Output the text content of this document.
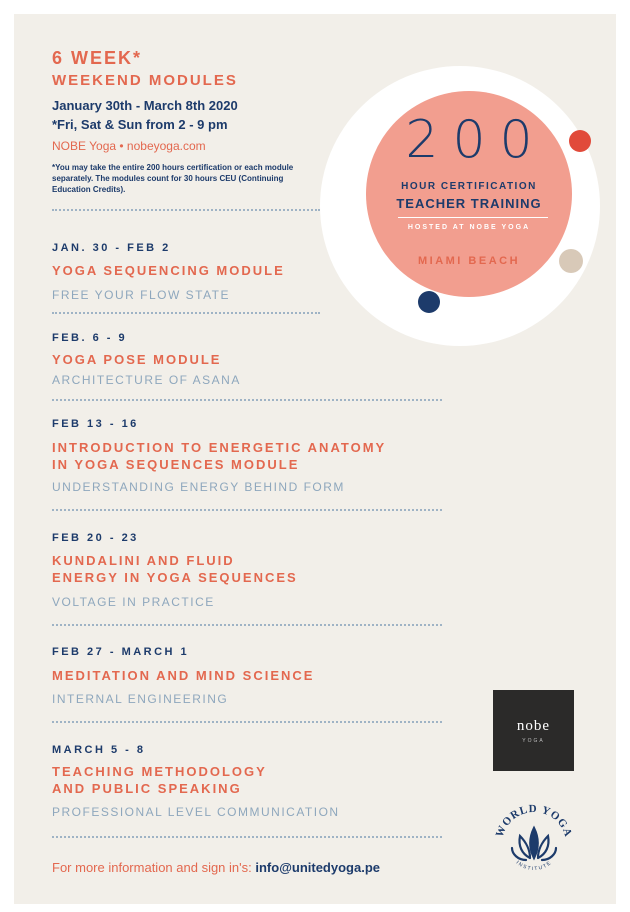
6 WEEK*
WEEKEND MODULES
January 30th - March 8th 2020
*Fri, Sat & Sun from 2 - 9 pm
NOBE Yoga • nobeyoga.com
*You may take the entire 200 hours certification or each module separately. The modules count for 30 hours CEU (Continuing Education Credits).
200
HOUR CERTIFICATION
TEACHER TRAINING
HOSTED AT NOBE YOGA
MIAMI BEACH
JAN. 30 - FEB 2
YOGA SEQUENCING MODULE
FREE YOUR FLOW STATE
FEB. 6 - 9
YOGA POSE MODULE
ARCHITECTURE OF ASANA
FEB 13 - 16
INTRODUCTION TO ENERGETIC ANATOMY
IN YOGA SEQUENCES MODULE
UNDERSTANDING ENERGY BEHIND FORM
FEB 20 - 23
KUNDALINI AND FLUID
ENERGY IN YOGA SEQUENCES
VOLTAGE IN PRACTICE
FEB 27 - MARCH 1
MEDITATION AND MIND SCIENCE
INTERNAL ENGINEERING
MARCH 5 - 8
TEACHING METHODOLOGY
AND PUBLIC SPEAKING
PROFESSIONAL LEVEL COMMUNICATION
For more information and sign in's: info@unitedyoga.pe
nobe
YOGA
WORLD YOGA
INSTITUTE
